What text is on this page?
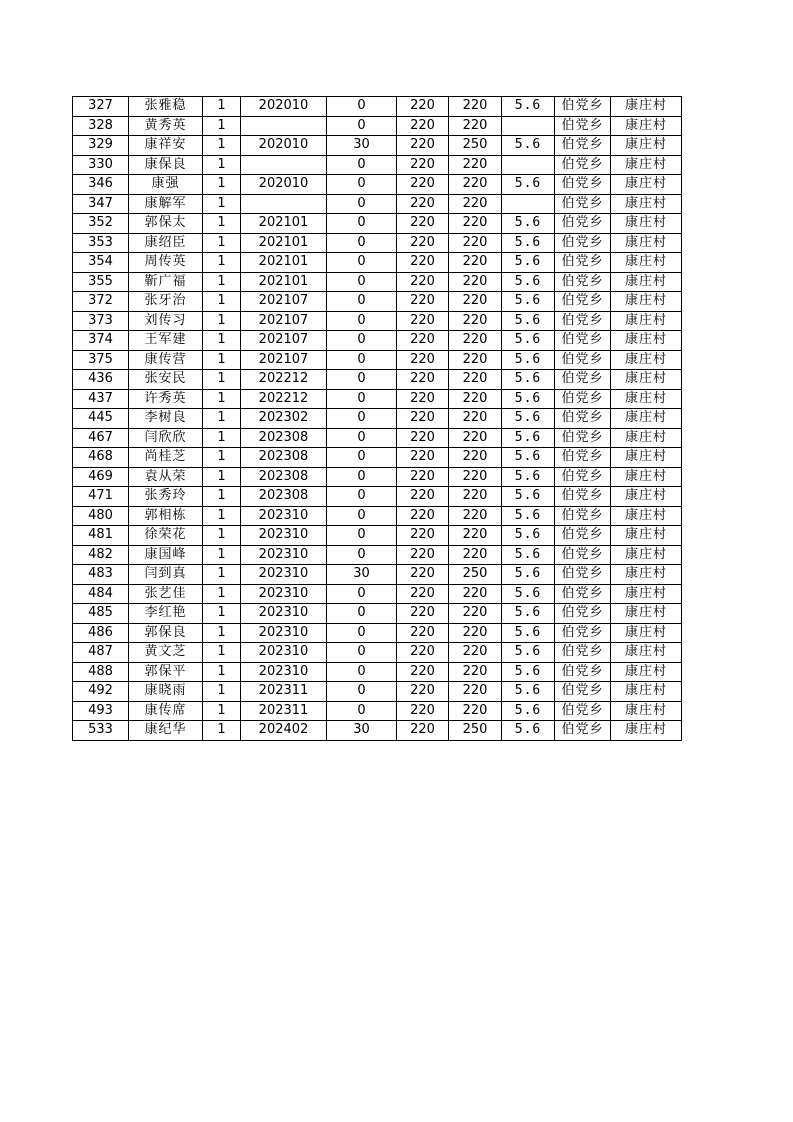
327	张雅稳	1	202010	0	220	220	5.6	伯党乡	康庄村
328	黄秀英	1		0	220	220		伯党乡	康庄村
329	康祥安	1	202010	30	220	250	5.6	伯党乡	康庄村
330	康保良	1		0	220	220		伯党乡	康庄村
346	康强	1	202010	0	220	220	5.6	伯党乡	康庄村
347	康解军	1		0	220	220		伯党乡	康庄村
352	郭保太	1	202101	0	220	220	5.6	伯党乡	康庄村
353	康绍臣	1	202101	0	220	220	5.6	伯党乡	康庄村
354	周传英	1	202101	0	220	220	5.6	伯党乡	康庄村
355	靳广福	1	202101	0	220	220	5.6	伯党乡	康庄村
372	张牙治	1	202107	0	220	220	5.6	伯党乡	康庄村
373	刘传习	1	202107	0	220	220	5.6	伯党乡	康庄村
374	王军建	1	202107	0	220	220	5.6	伯党乡	康庄村
375	康传营	1	202107	0	220	220	5.6	伯党乡	康庄村
436	张安民	1	202212	0	220	220	5.6	伯党乡	康庄村
437	许秀英	1	202212	0	220	220	5.6	伯党乡	康庄村
445	李树良	1	202302	0	220	220	5.6	伯党乡	康庄村
467	闫欣欣	1	202308	0	220	220	5.6	伯党乡	康庄村
468	尚桂芝	1	202308	0	220	220	5.6	伯党乡	康庄村
469	袁从荣	1	202308	0	220	220	5.6	伯党乡	康庄村
471	张秀玲	1	202308	0	220	220	5.6	伯党乡	康庄村
480	郭相栋	1	202310	0	220	220	5.6	伯党乡	康庄村
481	徐荣花	1	202310	0	220	220	5.6	伯党乡	康庄村
482	康国峰	1	202310	0	220	220	5.6	伯党乡	康庄村
483	闫到真	1	202310	30	220	250	5.6	伯党乡	康庄村
484	张艺佳	1	202310	0	220	220	5.6	伯党乡	康庄村
485	李红艳	1	202310	0	220	220	5.6	伯党乡	康庄村
486	郭保良	1	202310	0	220	220	5.6	伯党乡	康庄村
487	黄文芝	1	202310	0	220	220	5.6	伯党乡	康庄村
488	郭保平	1	202310	0	220	220	5.6	伯党乡	康庄村
492	康晓雨	1	202311	0	220	220	5.6	伯党乡	康庄村
493	康传席	1	202311	0	220	220	5.6	伯党乡	康庄村
533	康纪华	1	202402	30	220	250	5.6	伯党乡	康庄村
